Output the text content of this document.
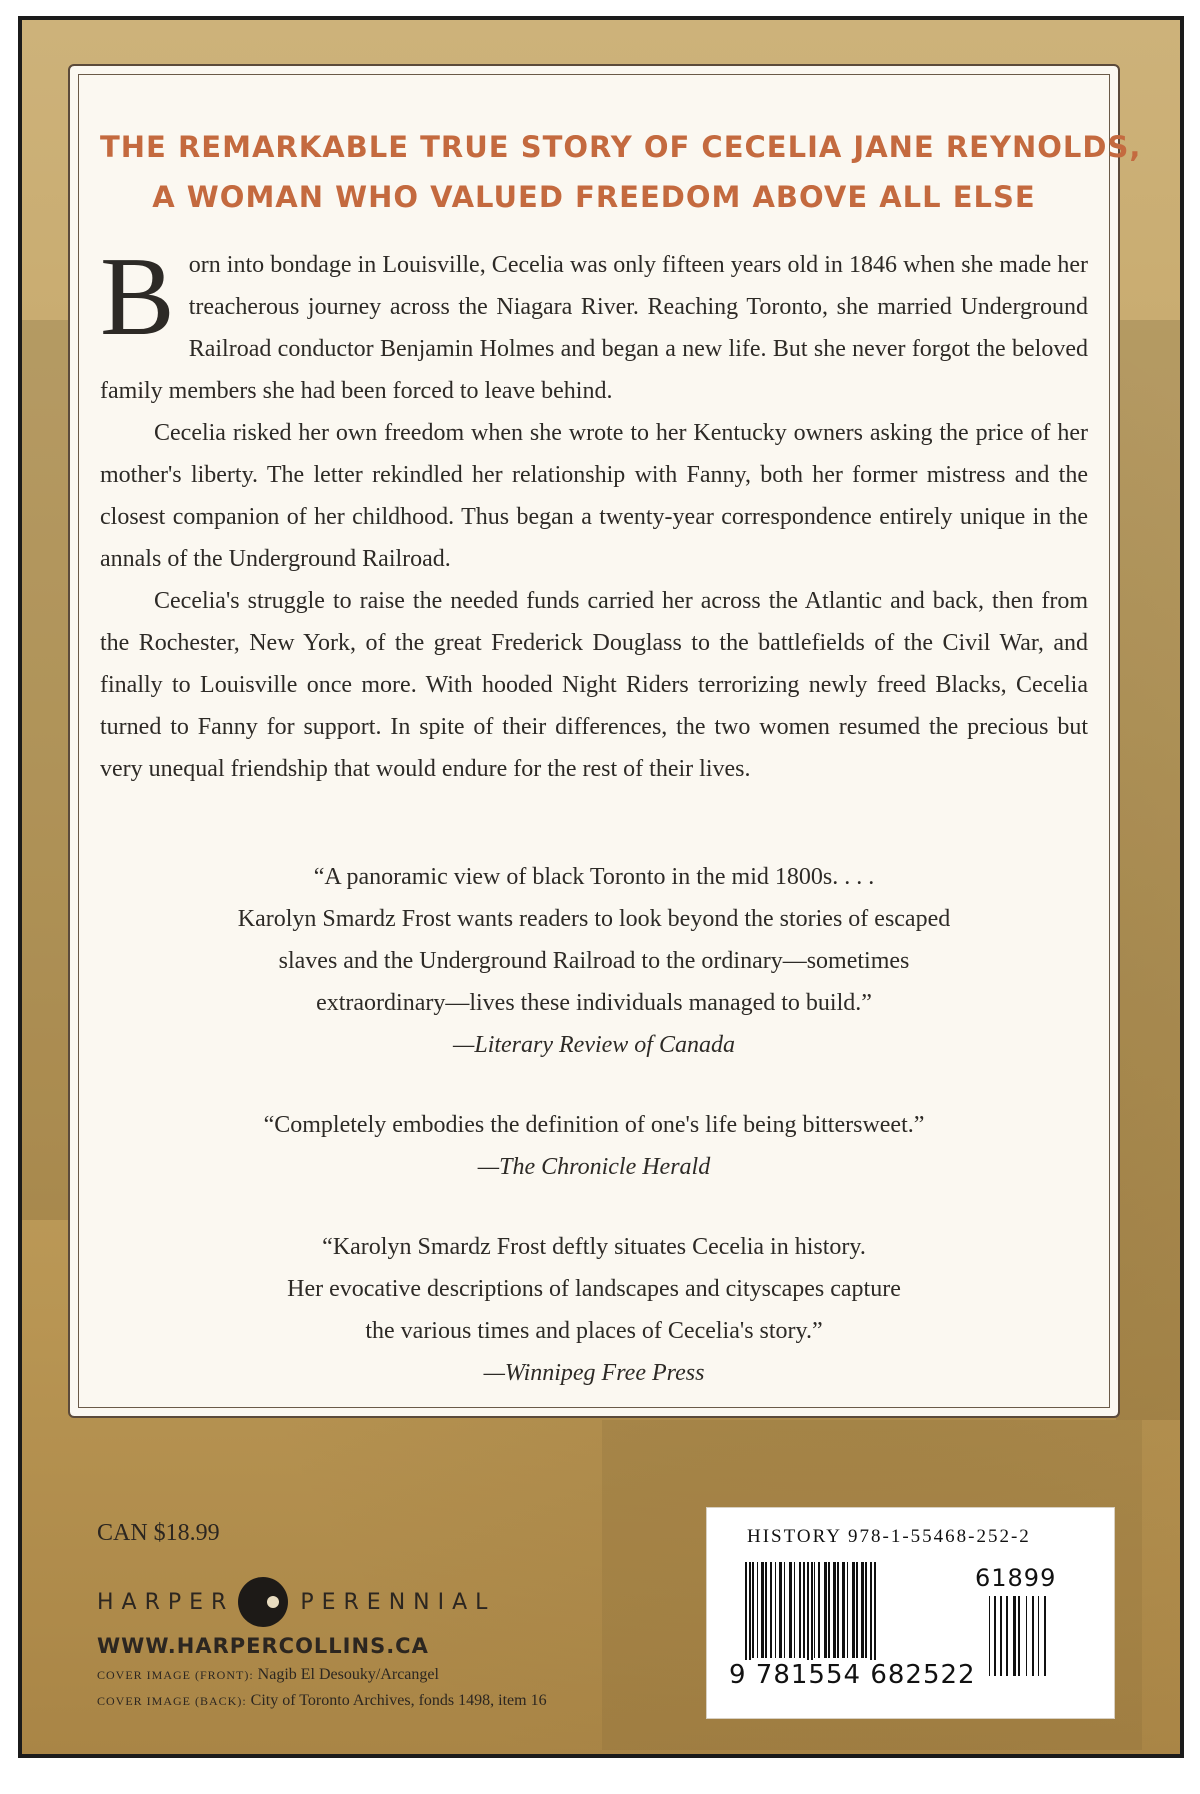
THE REMARKABLE TRUE STORY OF CECELIA JANE REYNOLDS,
A WOMAN WHO VALUED FREEDOM ABOVE ALL ELSE

Born into bondage in Louisville, Cecelia was only fifteen years old in 1846 when she made her treacherous journey across the Niagara River. Reaching Toronto, she married Underground Railroad conductor Benjamin Holmes and began a new life. But she never forgot the beloved family members she had been forced to leave behind.

Cecelia risked her own freedom when she wrote to her Kentucky owners asking the price of her mother's liberty. The letter rekindled her relationship with Fanny, both her former mistress and the closest companion of her childhood. Thus began a twenty-year correspondence entirely unique in the annals of the Underground Railroad.

Cecelia's struggle to raise the needed funds carried her across the Atlantic and back, then from the Rochester, New York, of the great Frederick Douglass to the battlefields of the Civil War, and finally to Louisville once more. With hooded Night Riders terrorizing newly freed Blacks, Cecelia turned to Fanny for support. In spite of their differences, the two women resumed the precious but very unequal friendship that would endure for the rest of their lives.

“A panoramic view of black Toronto in the mid 1800s. . . .
Karolyn Smardz Frost wants readers to look beyond the stories of escaped
slaves and the Underground Railroad to the ordinary—sometimes
extraordinary—lives these individuals managed to build.”
—Literary Review of Canada
“Completely embodies the definition of one's life being bittersweet.”
—The Chronicle Herald
“Karolyn Smardz Frost deftly situates Cecelia in history.
Her evocative descriptions of landscapes and cityscapes capture
the various times and places of Cecelia's story.”
—Winnipeg Free Press
CAN $18.99
HARPER	PERENNIAL
WWW.HARPERCOLLINS.CA
COVER IMAGE (FRONT): Nagib El Desouky/Arcangel
COVER IMAGE (BACK): City of Toronto Archives, fonds 1498, item 16
HISTORY 978-1-55468-252-2
9 781554 682522
61899
